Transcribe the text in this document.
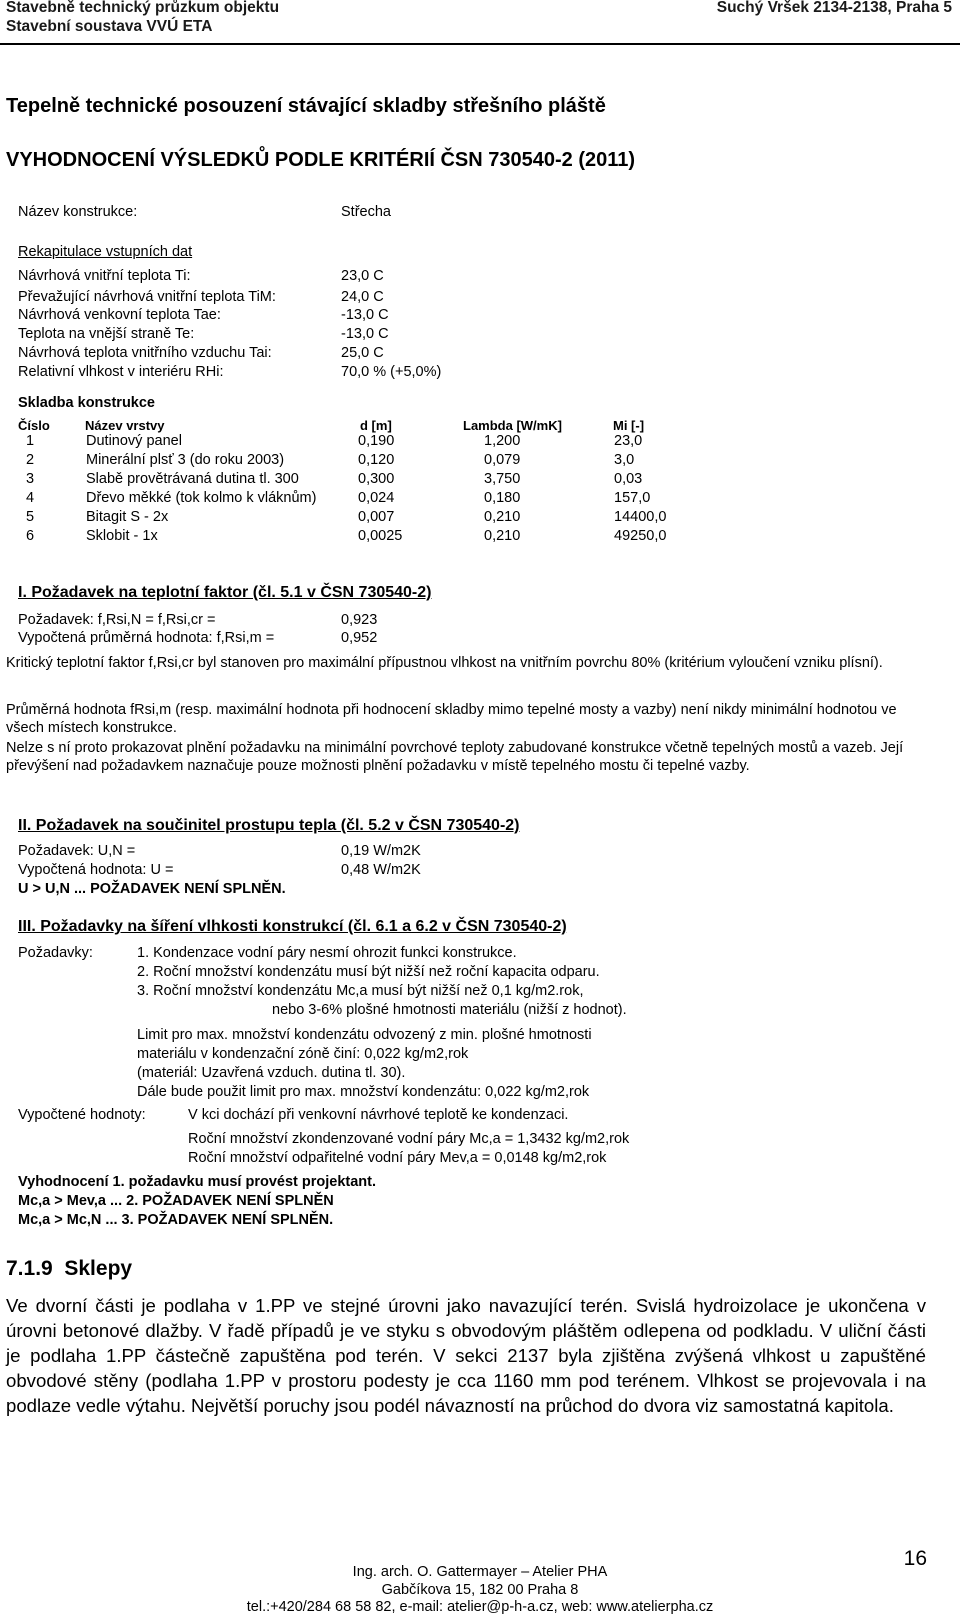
Stavebně technický průzkum objektu
Stavební soustava VVÚ ETA
Suchý Vršek 2134-2138, Praha 5
Tepelně technické posouzení stávající skladby střešního pláště
VYHODNOCENÍ VÝSLEDKŮ PODLE KRITÉRIÍ ČSN 730540-2 (2011)
Název konstrukce:	Střecha
Rekapitulace vstupních dat
Návrhová vnitřní teplota Ti:	23,0 C
Převažující návrhová vnitřní teplota TiM:	24,0 C
Návrhová venkovní teplota Tae:	-13,0 C
Teplota na vnější straně Te:	-13,0 C
Návrhová teplota vnitřního vzduchu Tai:	25,0 C
Relativní vlhkost v interiéru RHi:	70,0 % (+5,0%)
Skladba konstrukce
Číslo	Název vrstvy	d [m]	Lambda [W/mK]	Mi [-]
1	Dutinový panel	0,190	1,200	23,0
2	Minerální plsť 3 (do roku 2003)	0,120	0,079	3,0
3	Slabě provětrávaná dutina tl. 300	0,300	3,750	0,03
4	Dřevo měkké (tok kolmo k vláknům)	0,024	0,180	157,0
5	Bitagit S - 2x	0,007	0,210	14400,0
6	Sklobit - 1x	0,0025	0,210	49250,0
I. Požadavek na teplotní faktor (čl. 5.1 v ČSN 730540-2)
Požadavek: f,Rsi,N = f,Rsi,cr =	0,923
Vypočtená průměrná hodnota: f,Rsi,m =	0,952
Kritický teplotní faktor f,Rsi,cr byl stanoven pro maximální přípustnou vlhkost na vnitřním povrchu 80% (kritérium vyloučení vzniku plísní).
Průměrná hodnota fRsi,m (resp. maximální hodnota při hodnocení skladby mimo tepelné mosty a vazby) není nikdy minimální hodnotou ve všech místech konstrukce.
Nelze s ní proto prokazovat plnění požadavku na minimální povrchové teploty zabudované konstrukce včetně tepelných mostů a vazeb. Její převýšení nad požadavkem naznačuje pouze možnosti plnění požadavku v místě tepelného mostu či tepelné vazby.
II. Požadavek na součinitel prostupu tepla (čl. 5.2 v ČSN 730540-2)
Požadavek: U,N =	0,19 W/m2K
Vypočtená hodnota: U =	0,48 W/m2K
U > U,N ... POŽADAVEK NENÍ SPLNĚN.
III. Požadavky na šíření vlhkosti konstrukcí (čl. 6.1 a 6.2 v ČSN 730540-2)
Požadavky:	1. Kondenzace vodní páry nesmí ohrozit funkci konstrukce.
2. Roční množství kondenzátu musí být nižší než roční kapacita odparu.
3. Roční množství kondenzátu Mc,a musí být nižší než 0,1 kg/m2.rok,
nebo 3-6% plošné hmotnosti materiálu (nižší z hodnot).
Limit pro max. množství kondenzátu odvozený z min. plošné hmotnosti
materiálu v kondenzační zóně činí: 0,022 kg/m2,rok
(materiál: Uzavřená vzduch. dutina tl. 30).
Dále bude použit limit pro max. množství kondenzátu: 0,022 kg/m2,rok
Vypočtené hodnoty:	V kci dochází při venkovní návrhové teplotě ke kondenzaci.
Roční množství zkondenzované vodní páry Mc,a = 1,3432 kg/m2,rok
Roční množství odpařitelné vodní páry Mev,a = 0,0148 kg/m2,rok
Vyhodnocení 1. požadavku musí provést projektant.
Mc,a > Mev,a ... 2. POŽADAVEK NENÍ SPLNĚN
Mc,a > Mc,N ... 3. POŽADAVEK NENÍ SPLNĚN.
7.1.9  Sklepy
Ve dvorní části je podlaha v 1.PP ve stejné úrovni jako navazující terén. Svislá hydroizolace je ukončena v úrovni betonové dlažby. V řadě případů je ve styku s obvodovým pláštěm odlepena od podkladu. V uliční části je podlaha 1.PP částečně zapuštěna pod terén. V sekci 2137 byla zjištěna zvýšená vlhkost u zapuštěné obvodové stěny (podlaha 1.PP v prostoru podesty je cca 1160 mm pod terénem. Vlhkost se projevovala i na podlaze vedle výtahu. Největší poruchy jsou podél návazností na průchod do dvora viz samostatná kapitola.
16
Ing. arch. O. Gattermayer – Atelier PHA
Gabčíkova 15, 182 00 Praha 8
tel.:+420/284 68 58 82, e-mail: atelier@p-h-a.cz, web: www.atelierpha.cz
